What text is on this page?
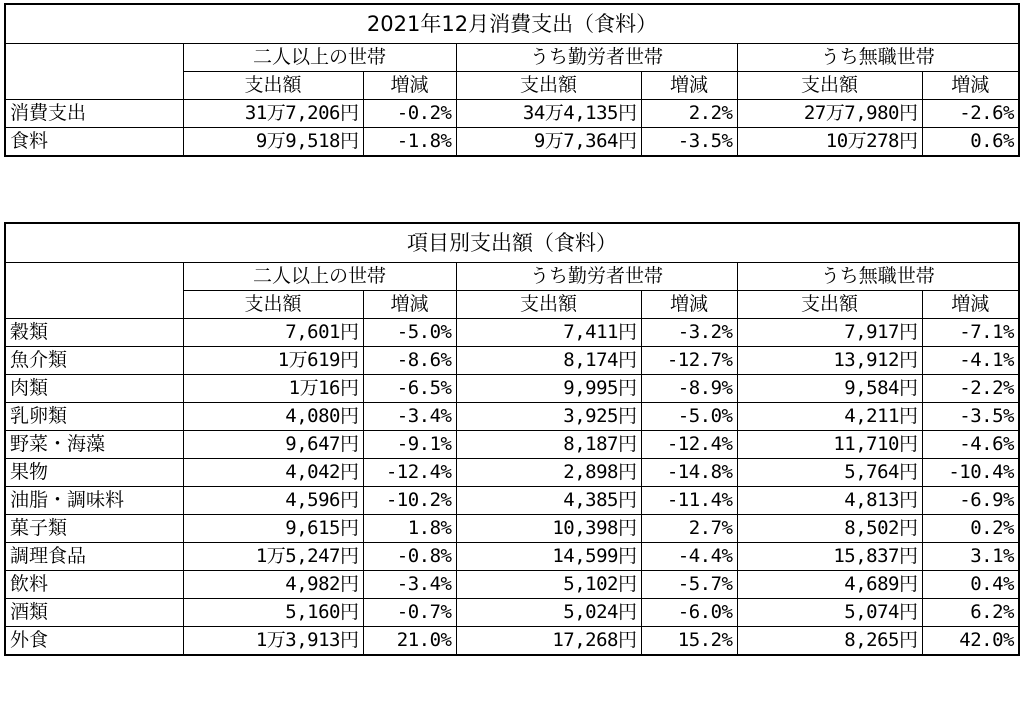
2021年12月消費支出（食料）						
	二人以上の世帯		うち勤労者世帯		うち無職世帯	
	支出額	増減	支出額	増減	支出額	増減
消費支出	31万7,206円	-0.2%	34万4,135円	2.2%	27万7,980円	-2.6%
食料	9万9,518円	-1.8%	9万7,364円	-3.5%	10万278円	0.6%
項目別支出額（食料）						
	二人以上の世帯		うち勤労者世帯		うち無職世帯	
	支出額	増減	支出額	増減	支出額	増減
穀類	7,601円	-5.0%	7,411円	-3.2%	7,917円	-7.1%
魚介類	1万619円	-8.6%	8,174円	-12.7%	13,912円	-4.1%
肉類	1万16円	-6.5%	9,995円	-8.9%	9,584円	-2.2%
乳卵類	4,080円	-3.4%	3,925円	-5.0%	4,211円	-3.5%
野菜・海藻	9,647円	-9.1%	8,187円	-12.4%	11,710円	-4.6%
果物	4,042円	-12.4%	2,898円	-14.8%	5,764円	-10.4%
油脂・調味料	4,596円	-10.2%	4,385円	-11.4%	4,813円	-6.9%
菓子類	9,615円	1.8%	10,398円	2.7%	8,502円	0.2%
調理食品	1万5,247円	-0.8%	14,599円	-4.4%	15,837円	3.1%
飲料	4,982円	-3.4%	5,102円	-5.7%	4,689円	0.4%
酒類	5,160円	-0.7%	5,024円	-6.0%	5,074円	6.2%
外食	1万3,913円	21.0%	17,268円	15.2%	8,265円	42.0%
